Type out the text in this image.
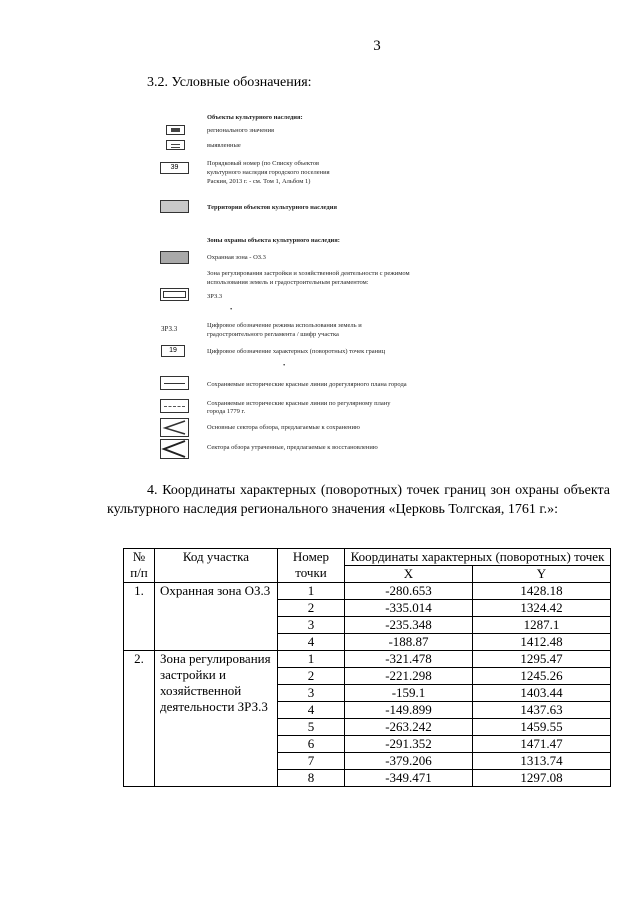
3
3.2. Условные обозначения:
Объекты культурного наследия:
регионального значения
выявленные
39
Порядковый номер (по Списку объектов
культурного наследия городского поселения
Раския, 2013 г. - см. Том 1, Альбом 1)
Территория объектов культурного наследия
Зоны охраны объекта культурного наследия:
Охранная зона - ОЗ.3
Зона регулирования застройки и хозяйственной деятельности с режимом
использования земель и градостроительным регламентом:
ЗРЗ.3
•
ЗРЗ.3	Цифровое обозначение режима использования земель и
градостроительного регламента / шифр участка
19	Цифровое обозначение характерных (поворотных) точек границ
•
Сохраняемые исторические красные линии дорегулярного плана города
Сохраняемые исторические красные линии по регулярному плану
города 1779 г.
Основные сектора обзора, предлагаемые к сохранению
Сектора обзора утраченные, предлагаемые к восстановлению
4. Координаты характерных (поворотных) точек границ зон охраны объекта культурного наследия регионального значения «Церковь Толгская, 1761 г.»:
№ п/п	Код участка	Номер точки	Координаты характерных (поворотных) точек	
			X	Y
1.	Охранная зона ОЗ.3	1	-280.653	1428.18
		2	-335.014	1324.42
		3	-235.348	1287.1
		4	-188.87	1412.48
2.	Зона регулирования застройки и хозяйственной деятельности ЗРЗ.3	1	-321.478	1295.47
		2	-221.298	1245.26
		3	-159.1	1403.44
		4	-149.899	1437.63
		5	-263.242	1459.55
		6	-291.352	1471.47
		7	-379.206	1313.74
		8	-349.471	1297.08
